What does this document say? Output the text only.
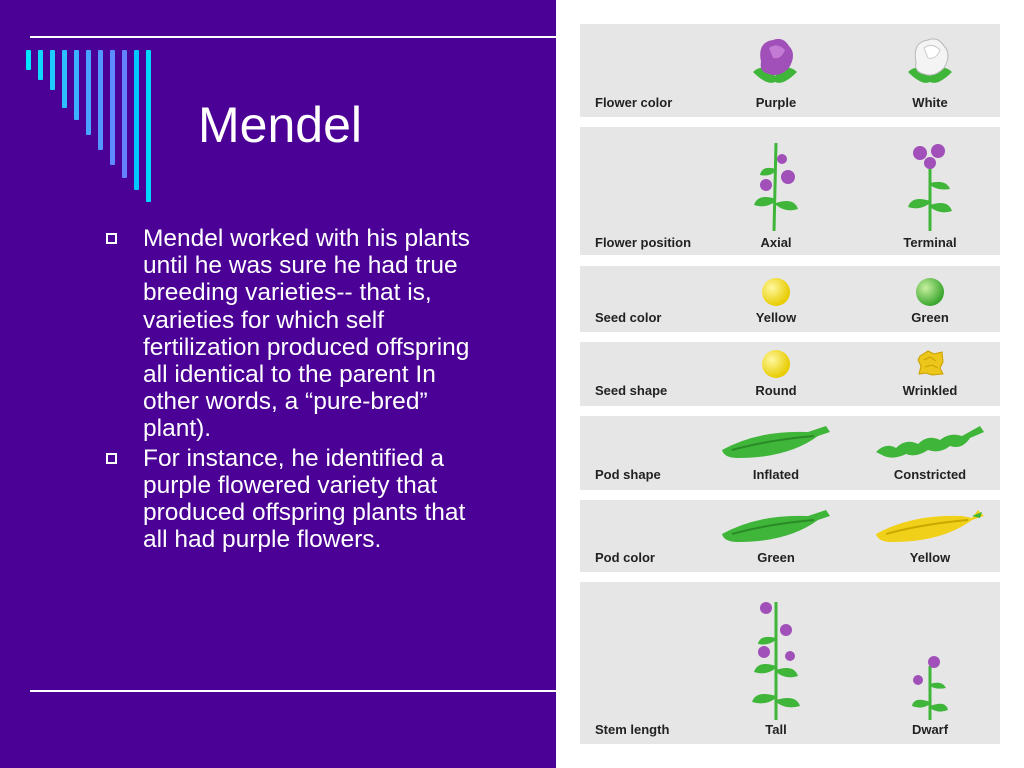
Mendel
Mendel worked with his plants until he was sure he had true breeding varieties-- that is, varieties for which self fertilization produced offspring all identical to the parent In other words, a “pure-bred” plant).
For instance, he identified a purple flowered variety that produced offspring plants that all had purple flowers.
Flower color	Purple	White
Flower position	Axial	Terminal
Seed color	Yellow	Green
Seed shape	Round	Wrinkled
Pod shape	Inflated	Constricted
Pod color	Green	Yellow
Stem length	Tall	Dwarf
